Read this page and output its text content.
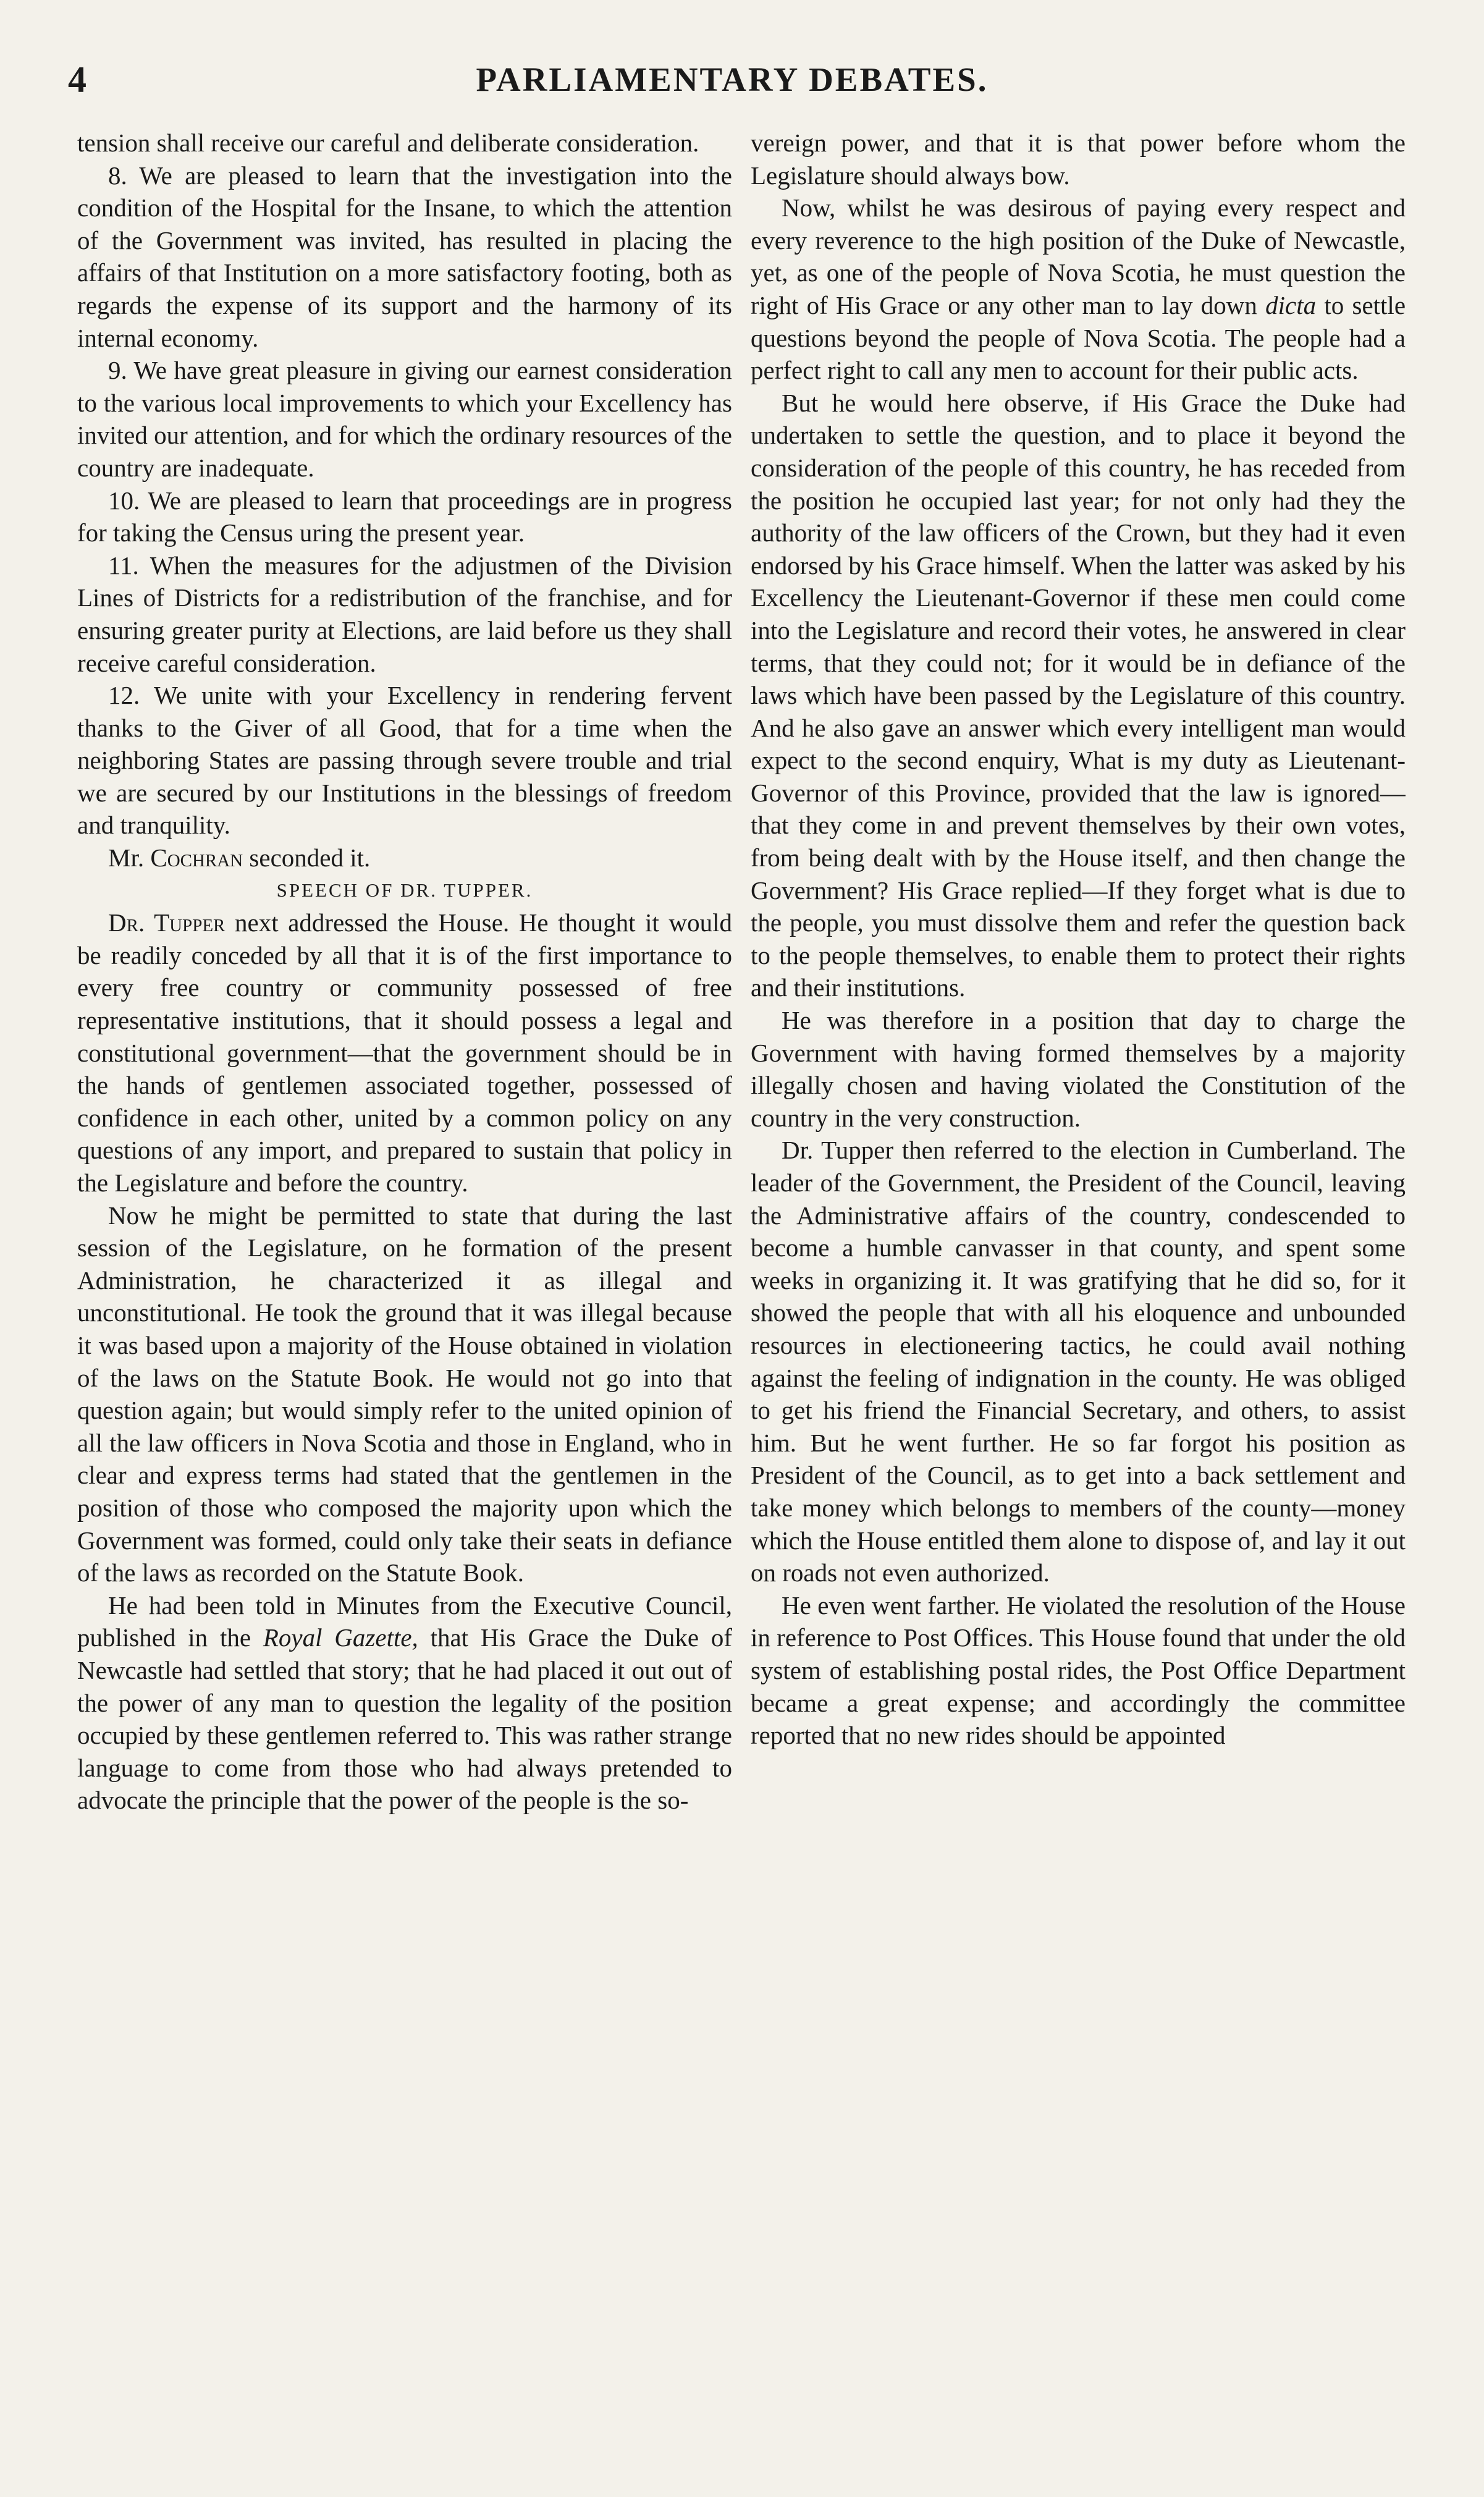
4	PARLIAMENTARY DEBATES.

tension shall receive our careful and deliberate consideration.

8. We are pleased to learn that the investigation into the condition of the Hospital for the Insane, to which the attention of the Government was invited, has resulted in placing the affairs of that Institution on a more satisfactory footing, both as regards the expense of its support and the harmony of its internal economy.

9. We have great pleasure in giving our earnest consideration to the various local improvements to which your Excellency has invited our attention, and for which the ordinary resources of the country are inadequate.

10. We are pleased to learn that proceedings are in progress for taking the Census uring the present year.

11. When the measures for the adjustmen of the Division Lines of Districts for a redistribution of the franchise, and for ensuring greater purity at Elections, are laid before us they shall receive careful consideration.

12. We unite with your Excellency in rendering fervent thanks to the Giver of all Good, that for a time when the neighboring States are passing through severe trouble and trial we are secured by our Institutions in the blessings of freedom and tranquility.

Mr. Cochran seconded it.

SPEECH OF DR. TUPPER.

Dr. Tupper next addressed the House. He thought it would be readily conceded by all that it is of the first importance to every free country or community possessed of free representative institutions, that it should possess a legal and constitutional government—that the government should be in the hands of gentlemen associated together, possessed of confidence in each other, united by a common policy on any questions of any import, and prepared to sustain that policy in the Legislature and before the country.

Now he might be permitted to state that during the last session of the Legislature, on he formation of the present Administration, he characterized it as illegal and unconstitutional. He took the ground that it was illegal because it was based upon a majority of the House obtained in violation of the laws on the Statute Book. He would not go into that question again; but would simply refer to the united opinion of all the law officers in Nova Scotia and those in England, who in clear and express terms had stated that the gentlemen in the position of those who composed the majority upon which the Government was formed, could only take their seats in defiance of the laws as recorded on the Statute Book.

He had been told in Minutes from the Executive Council, published in the Royal Gazette, that His Grace the Duke of Newcastle had settled that story; that he had placed it out out of the power of any man to question the legality of the position occupied by these gentlemen referred to. This was rather strange language to come from those who had always pretended to advocate the principle that the power of the people is the so-

vereign power, and that it is that power before whom the Legislature should always bow.

Now, whilst he was desirous of paying every respect and every reverence to the high position of the Duke of Newcastle, yet, as one of the people of Nova Scotia, he must question the right of His Grace or any other man to lay down dicta to settle questions beyond the people of Nova Scotia. The people had a perfect right to call any men to account for their public acts.

But he would here observe, if His Grace the Duke had undertaken to settle the question, and to place it beyond the consideration of the people of this country, he has receded from the position he occupied last year; for not only had they the authority of the law officers of the Crown, but they had it even endorsed by his Grace himself. When the latter was asked by his Excellency the Lieutenant-Governor if these men could come into the Legislature and record their votes, he answered in clear terms, that they could not; for it would be in defiance of the laws which have been passed by the Legislature of this country. And he also gave an answer which every intelligent man would expect to the second enquiry, What is my duty as Lieutenant-Governor of this Province, provided that the law is ignored—that they come in and prevent themselves by their own votes, from being dealt with by the House itself, and then change the Government? His Grace replied—If they forget what is due to the people, you must dissolve them and refer the question back to the people themselves, to enable them to protect their rights and their institutions.

He was therefore in a position that day to charge the Government with having formed themselves by a majority illegally chosen and having violated the Constitution of the country in the very construction.

Dr. Tupper then referred to the election in Cumberland. The leader of the Government, the President of the Council, leaving the Administrative affairs of the country, condescended to become a humble canvasser in that county, and spent some weeks in organizing it. It was gratifying that he did so, for it showed the people that with all his eloquence and unbounded resources in electioneering tactics, he could avail nothing against the feeling of indignation in the county. He was obliged to get his friend the Financial Secretary, and others, to assist him. But he went further. He so far forgot his position as President of the Council, as to get into a back settlement and take money which belongs to members of the county—money which the House entitled them alone to dispose of, and lay it out on roads not even authorized.

He even went farther. He violated the resolution of the House in reference to Post Offices. This House found that under the old system of establishing postal rides, the Post Office Department became a great expense; and accordingly the committee reported that no new rides should be appointed
